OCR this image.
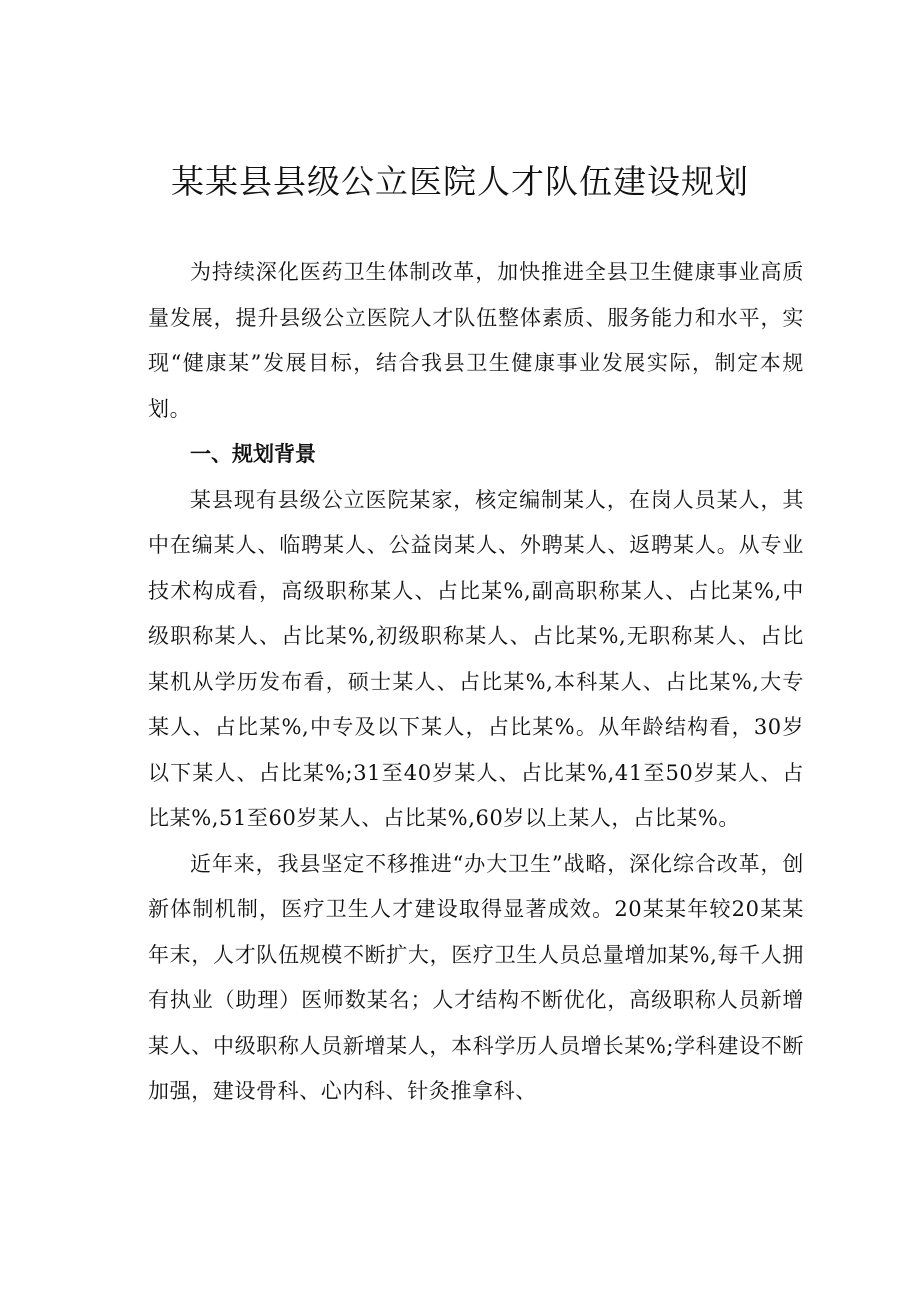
某某县县级公立医院人才队伍建设规划

为持续深化医药卫生体制改革，加快推进全县卫生健康事业高质量发展，提升县级公立医院人才队伍整体素质、服务能力和水平，实现“健康某”发展目标，结合我县卫生健康事业发展实际，制定本规划。

一、规划背景

某县现有县级公立医院某家，核定编制某人，在岗人员某人，其中在编某人、临聘某人、公益岗某人、外聘某人、返聘某人。从专业技术构成看，高级职称某人、占比某%,副高职称某人、占比某%,中级职称某人、占比某%,初级职称某人、占比某%,无职称某人、占比某机从学历发布看，硕士某人、占比某%,本科某人、占比某%,大专某人、占比某%,中专及以下某人，占比某%。从年龄结构看，30岁以下某人、占比某%;31至40岁某人、占比某%,41至50岁某人、占比某%,51至60岁某人、占比某%,60岁以上某人，占比某%。

近年来，我县坚定不移推进“办大卫生”战略，深化综合改革，创新体制机制，医疗卫生人才建设取得显著成效。20某某年较20某某年末，人才队伍规模不断扩大，医疗卫生人员总量增加某%,每千人拥有执业（助理）医师数某名；人才结构不断优化，高级职称人员新增某人、中级职称人员新增某人，本科学历人员增长某%;学科建设不断加强，建设骨科、心内科、针灸推拿科、
